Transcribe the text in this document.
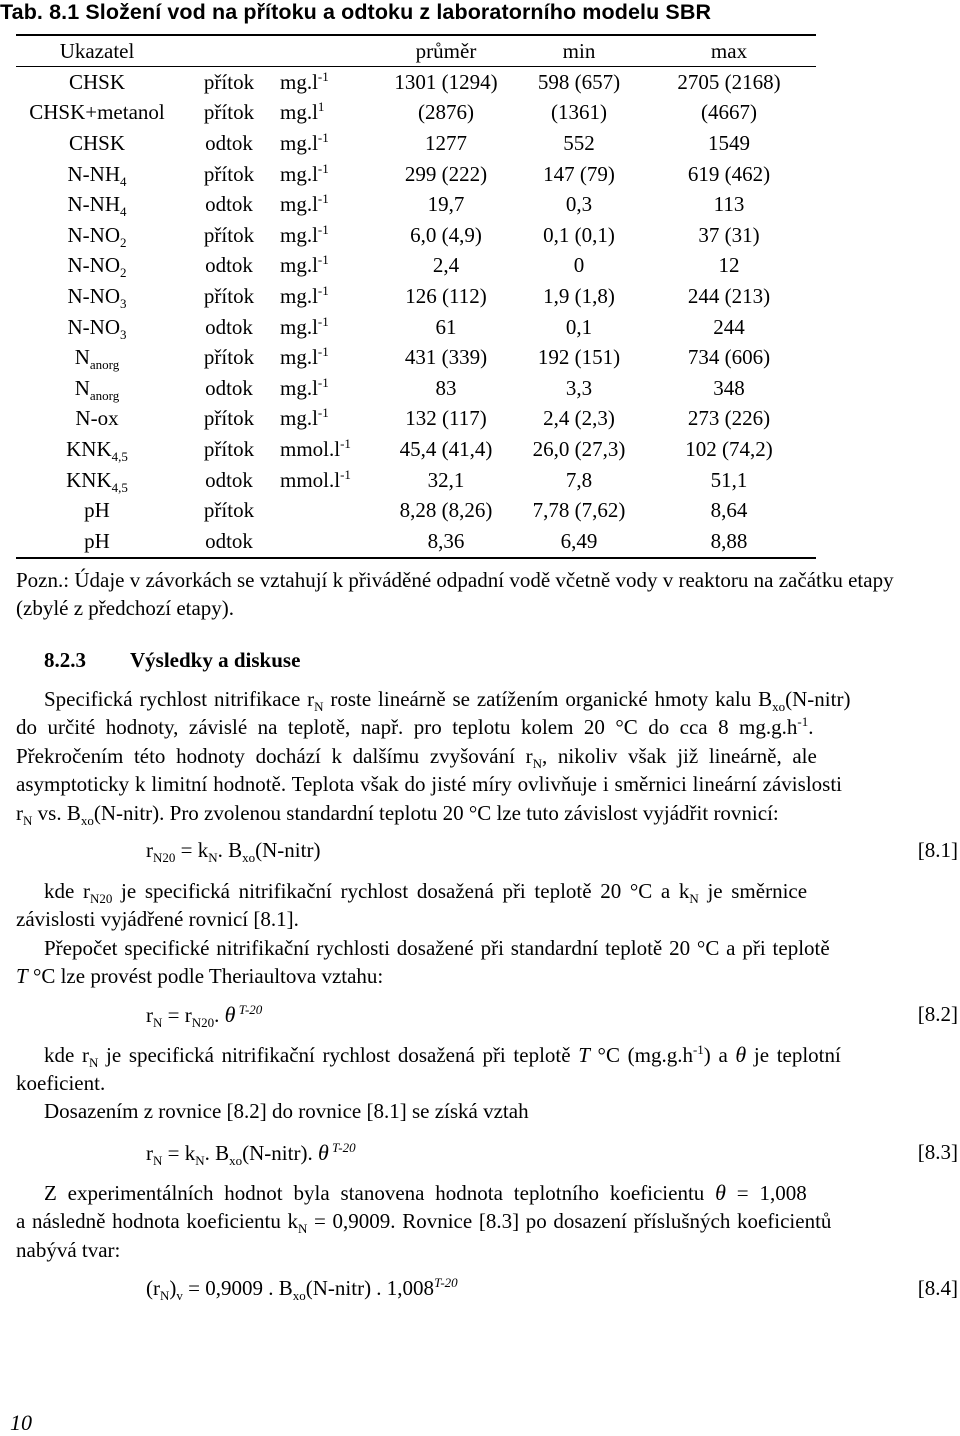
Tab. 8.1 Složení vod na přítoku a odtoku z laboratorního modelu SBR
Ukazatel			průměr	min	max
CHSK	přítok	$mg.l^{-1}$	1301 (1294)	598 (657)	2705 (2168)
CHSK+metanol	přítok	$mg.l^1$	(2876)	(1361)	(4667)
CHSK	odtok	$mg.l^{-1}$	1277	552	1549
$N-NH_4$	přítok	$mg.l^{-1}$	299 (222)	147 (79)	619 (462)
$N-NH_4$	odtok	$mg.l^{-1}$	19,7	0,3	113
$N-NO_2$	přítok	$mg.l^{-1}$	6,0 (4,9)	0,1 (0,1)	37 (31)
$N-NO_2$	odtok	$mg.l^{-1}$	2,4	0	12
$N-NO_3$	přítok	$mg.l^{-1}$	126 (112)	1,9 (1,8)	244 (213)
$N-NO_3$	odtok	$mg.l^{-1}$	61	0,1	244
$N_{anorg}$	přítok	$mg.l^{-1}$	431 (339)	192 (151)	734 (606)
$N_{anorg}$	odtok	$mg.l^{-1}$	83	3,3	348
N-ox	přítok	$mg.l^{-1}$	132 (117)	2,4 (2,3)	273 (226)
$KNK_{4,5}$	přítok	$mmol.l^{-1}$	45,4 (41,4)	26,0 (27,3)	102 (74,2)
$KNK_{4,5}$	odtok	$mmol.l^{-1}$	32,1	7,8	51,1
pH	přítok		8,28 (8,26)	7,78 (7,62)	8,64
pH	odtok		8,36	6,49	8,88
Pozn.: Údaje v závorkách se vztahují k přiváděné odpadní vodě včetně vody v reaktoru na začátku etapy
(zbylé z předchozí etapy).
8.2.3 Výsledky a diskuse
Specifická rychlost nitrifikace $r_N$ roste lineárně se zatížením organické hmoty kalu $B_{xo}(N-nitr)$
do určité hodnoty, závislé na teplotě, např. pro teplotu kolem 20 °C do cca 8 $mg.g.h^{-1}$.
Překročením této hodnoty dochází k dalšímu zvyšování $r_N$, nikoliv však již lineárně, ale
asymptoticky k limitní hodnotě. Teplota však do jisté míry ovlivňuje i směrnici lineární závislosti
$r_N$ vs. $B_{xo}(N-nitr)$. Pro zvolenou standardní teplotu 20 °C lze tuto závislost vyjádřit rovnicí:
$r_{N20} = k_N$. $B_{xo}(N-nitr)$	[8.1]
kde $r_{N20}$ je specifická nitrifikační rychlost dosažená při teplotě 20 °C a $k_N$ je směrnice
závislosti vyjádřené rovnicí [8.1].
Přepočet specifické nitrifikační rychlosti dosažené při standardní teplotě 20 °C a při teplotě
T °C lze provést podle Theriaultova vztahu:
$r_N = r_{N20}$. θ $^{T-20}$	[8.2]
kde $r_N$ je specifická nitrifikační rychlost dosažená při teplotě T °C $(mg.g.h^{-1})$ a θ je teplotní
koeficient.
Dosazením z rovnice [8.2] do rovnice [8.1] se získá vztah
$r_N = k_N$. $B_{xo}(N-nitr)$. θ $^{T-20}$	[8.3]
Z experimentálních hodnot byla stanovena hodnota teplotního koeficientu θ = 1,008
a následně hodnota koeficientu $k_N = 0,9009$. Rovnice [8.3] po dosazení příslušných koeficientů
nabývá tvar:
$(r_N)_v = 0,9009$ . $B_{xo}(N-nitr)$ . $1,008^{T-20}$	[8.4]
10
